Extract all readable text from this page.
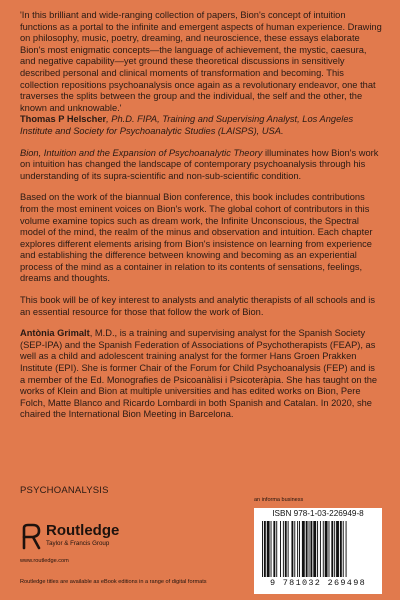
'In this brilliant and wide-ranging collection of papers, Bion's concept of intuition functions as a portal to the infinite and emergent aspects of human experience. Drawing on philosophy, music, poetry, dreaming, and neuroscience, these essays elaborate Bion's most enigmatic concepts—the language of achievement, the mystic, caesura, and negative capability—yet ground these theoretical discussions in sensitively described personal and clinical moments of transformation and becoming. This collection repositions psychoanalysis once again as a revolutionary endeavor, one that traverses the splits between the group and the individual, the self and the other, the known and unknowable.'

Thomas P Helscher, Ph.D. FIPA, Training and Supervising Analyst, Los Angeles Institute and Society for Psychoanalytic Studies (LAISPS), USA.

Bion, Intuition and the Expansion of Psychoanalytic Theory illuminates how Bion's work on intuition has changed the landscape of contemporary psychoanalysis through his understanding of its supra-scientific and non-sub-scientific condition.

Based on the work of the biannual Bion conference, this book includes contributions from the most eminent voices on Bion's work. The global cohort of contributors in this volume examine topics such as dream work, the Infinite Unconscious, the Spectral model of the mind, the realm of the minus and observation and intuition. Each chapter explores different elements arising from Bion's insistence on learning from experience and establishing the difference between knowing and becoming as an experiential process of the mind as a container in relation to its contents of sensations, feelings, dreams and thoughts.

This book will be of key interest to analysts and analytic therapists of all schools and is an essential resource for those that follow the work of Bion.

Antònia Grimalt, M.D., is a training and supervising analyst for the Spanish Society (SEP-IPA) and the Spanish Federation of Associations of Psychotherapists (FEAP), as well as a child and adolescent training analyst for the former Hans Groen Prakken Institute (EPI). She is former Chair of the Forum for Child Psychoanalysis (FEP) and is a member of the Ed. Monografies de Psicoanàlisi i Psicoteràpia. She has taught on the works of Klein and Bion at multiple universities and has edited works on Bion, Pere Folch, Matte Blanco and Ricardo Lombardi in both Spanish and Catalan. In 2020, she chaired the International Bion Meeting in Barcelona.

PSYCHOANALYSIS
Routledge
Taylor & Francis Group
www.routledge.com
Routledge titles are available as eBook editions in a range of digital formats
an informa business
ISBN 978-1-03-226949-8
9 781032 269498
